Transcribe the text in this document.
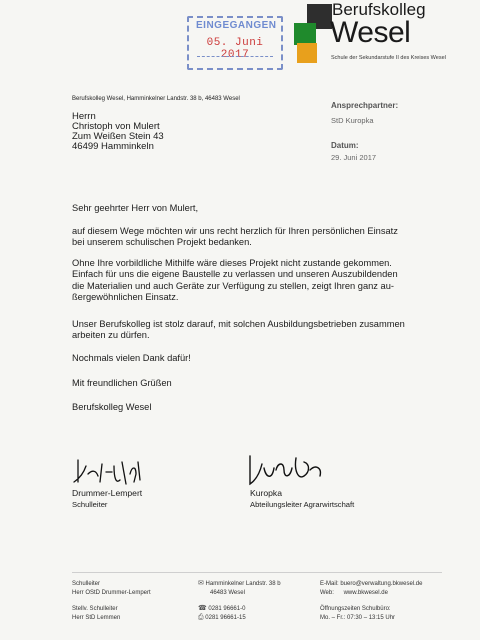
EINGEGANGEN
05. Juni 2017
Berufskolleg
Wesel
Schule der Sekundarstufe II des Kreises Wesel
Berufskolleg Wesel, Hamminkelner Landstr. 38 b, 46483 Wesel
Herrn
Christoph von Mulert
Zum Weißen Stein 43
46499 Hamminkeln
Ansprechpartner:
StD Kuropka
Datum:
29. Juni 2017
Sehr geehrter Herr von Mulert,
auf diesem Wege möchten wir uns recht herzlich für Ihren persönlichen Einsatz
bei unserem schulischen Projekt bedanken.
Ohne Ihre vorbildliche Mithilfe wäre dieses Projekt nicht zustande gekommen.
Einfach für uns die eigene Baustelle zu verlassen und unseren Auszubildenden
die Materialien und auch Geräte zur Verfügung zu stellen, zeigt Ihren ganz au-
ßergewöhnlichen Einsatz.
Unser Berufskolleg ist stolz darauf, mit solchen Ausbildungsbetrieben zusammen
arbeiten zu dürfen.
Nochmals vielen Dank dafür!
Mit freundlichen Grüßen
Berufskolleg Wesel
Drummer-Lempert
Schulleiter
Kuropka
Abteilungsleiter Agrarwirtschaft
Schulleiter
Herr OStD Drummer-Lempert
Stellv. Schulleiter
Herr StD Lemmen
✉ Hamminkelner Landstr. 38 b
46483 Wesel
☎ 0281 96661-0
⎙ 0281 96661-15
E-Mail: buero@verwaltung.bkwesel.de
Web: www.bkwesel.de
Öffnungszeiten Schulbüro:
Mo. – Fr.: 07:30 – 13:15 Uhr
